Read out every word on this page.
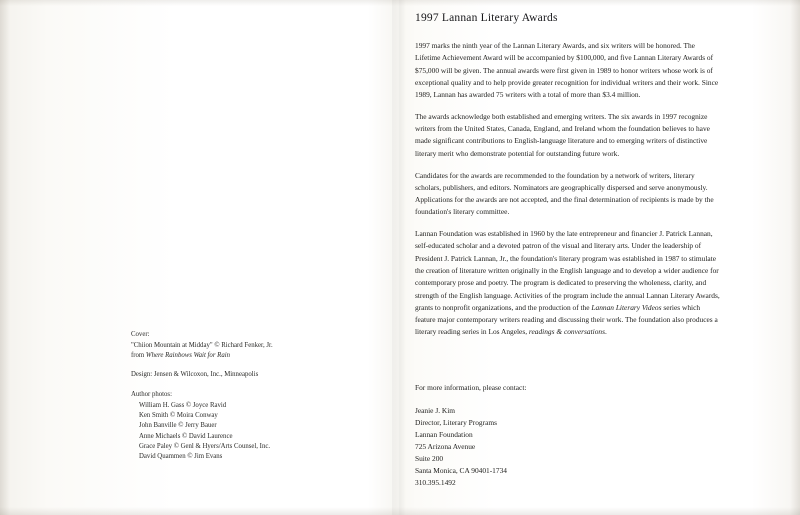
Cover:
"Chiion Mountain at Midday" © Richard Fenker, Jr.
from Where Rainbows Wait for Rain
Design: Jensen & Wilcoxon, Inc., Minneapolis
Author photos:
William H. Gass © Joyce Ravid
Ken Smith © Moira Conway
John Banville © Jerry Bauer
Anne Michaels © David Laurence
Grace Paley © Genl & Hyers/Arts Counsel, Inc.
David Quammen © Jim Evans
1997 Lannan Literary Awards

1997 marks the ninth year of the Lannan Literary Awards, and six writers will be honored. The Lifetime Achievement Award will be accompanied by $100,000, and five Lannan Literary Awards of $75,000 will be given. The annual awards were first given in 1989 to honor writers whose work is of exceptional quality and to help provide greater recognition for individual writers and their work. Since 1989, Lannan has awarded 75 writers with a total of more than $3.4 million.

The awards acknowledge both established and emerging writers. The six awards in 1997 recognize writers from the United States, Canada, England, and Ireland whom the foundation believes to have made significant contributions to English-language literature and to emerging writers of distinctive literary merit who demonstrate potential for outstanding future work.

Candidates for the awards are recommended to the foundation by a network of writers, literary scholars, publishers, and editors. Nominators are geographically dispersed and serve anonymously. Applications for the awards are not accepted, and the final determination of recipients is made by the foundation's literary committee.

Lannan Foundation was established in 1960 by the late entrepreneur and financier J. Patrick Lannan, self-educated scholar and a devoted patron of the visual and literary arts. Under the leadership of President J. Patrick Lannan, Jr., the foundation's literary program was established in 1987 to stimulate the creation of literature written originally in the English language and to develop a wider audience for contemporary prose and poetry. The program is dedicated to preserving the wholeness, clarity, and strength of the English language. Activities of the program include the annual Lannan Literary Awards, grants to nonprofit organizations, and the production of the Lannan Literary Videos series which feature major contemporary writers reading and discussing their work. The foundation also produces a literary reading series in Los Angeles, readings & conversations.

For more information, please contact:
Jeanie J. Kim
Director, Literary Programs
Lannan Foundation
725 Arizona Avenue
Suite 200
Santa Monica, CA 90401-1734
310.395.1492
